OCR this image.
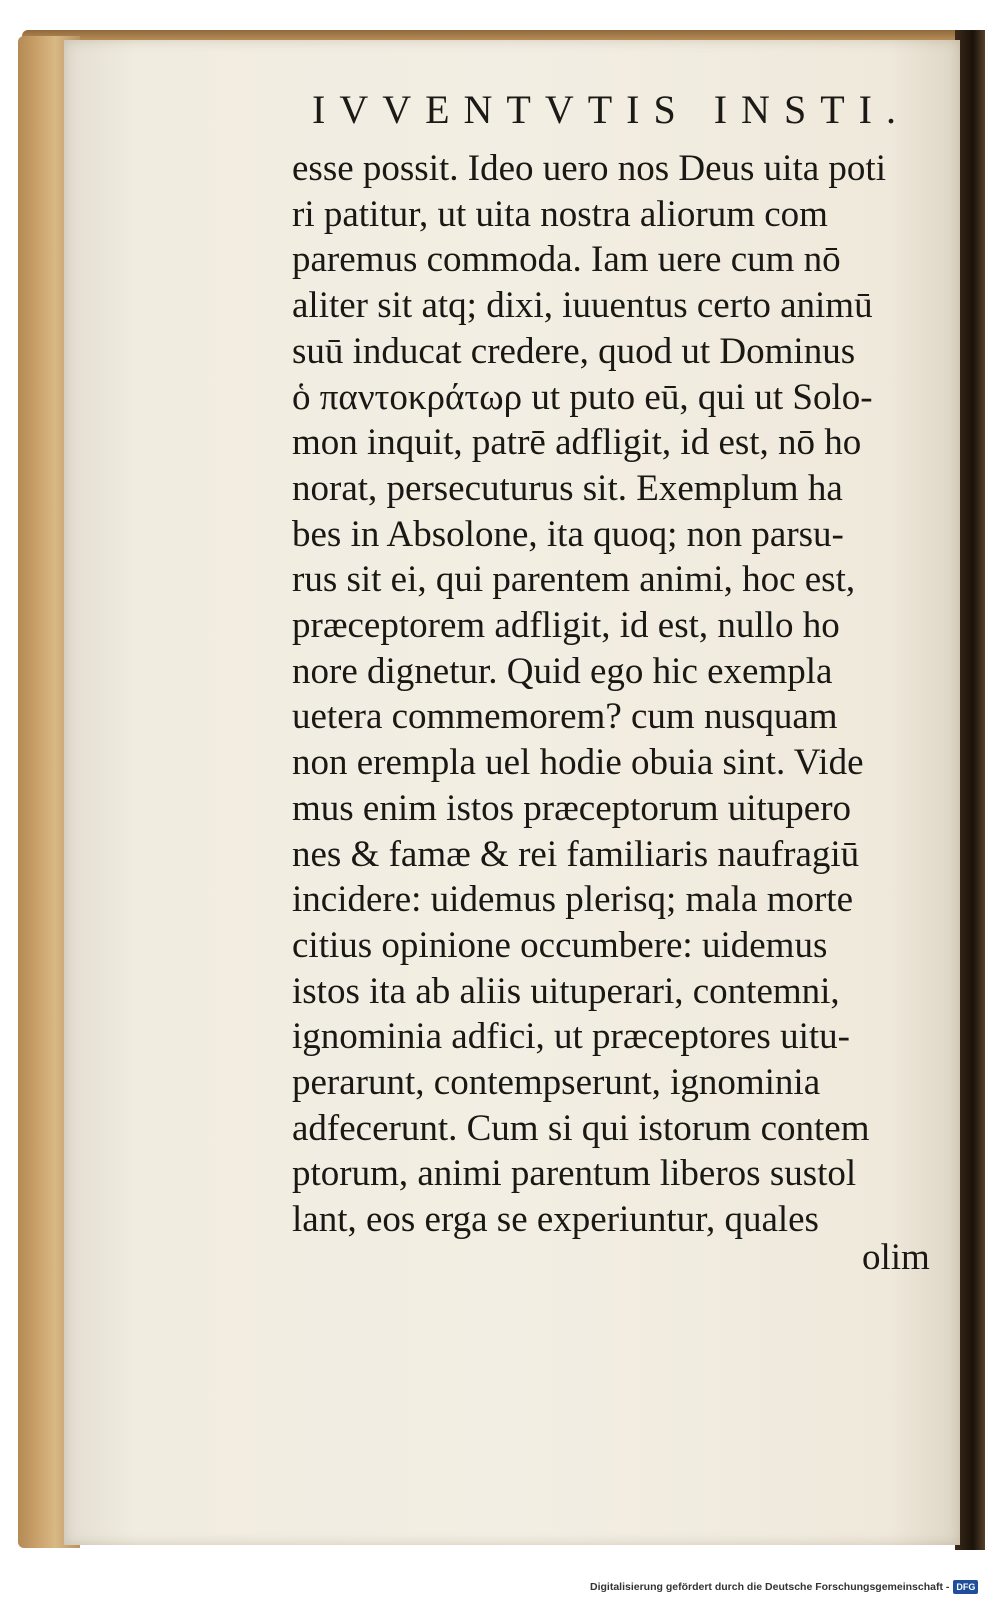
IVVENTVTIS INSTI.
esse possit. Ideo uero nos Deus uita poti
ri patitur, ut uita nostra aliorum com
paremus commoda. Iam uere cum nō
aliter sit atq; dixi, iuuentus certo animū
suū inducat credere, quod ut Dominus
ὁ παντοκράτωρ ut puto eū, qui ut Solo-
mon inquit, patrē adfligit, id est, nō ho
norat, persecuturus sit. Exemplum ha
bes in Absolone, ita quoq; non parsu-
rus sit ei, qui parentem animi, hoc est,
præceptorem adfligit, id est, nullo ho
nore dignetur. Quid ego hic exempla
uetera commemorem? cum nusquam
non erempla uel hodie obuia sint. Vide
mus enim istos præceptorum uitupero
nes & famæ & rei familiaris naufragiū
incidere: uidemus plerisq; mala morte
citius opinione occumbere: uidemus
istos ita ab aliis uituperari, contemni,
ignominia adfici, ut præceptores uitu-
perarunt, contempserunt, ignominia
adfecerunt. Cum si qui istorum contem
ptorum, animi parentum liberos sustol
lant, eos erga se experiuntur, quales
olim
Digitalisierung gefördert durch die Deutsche Forschungsgemeinschaft - DFG
